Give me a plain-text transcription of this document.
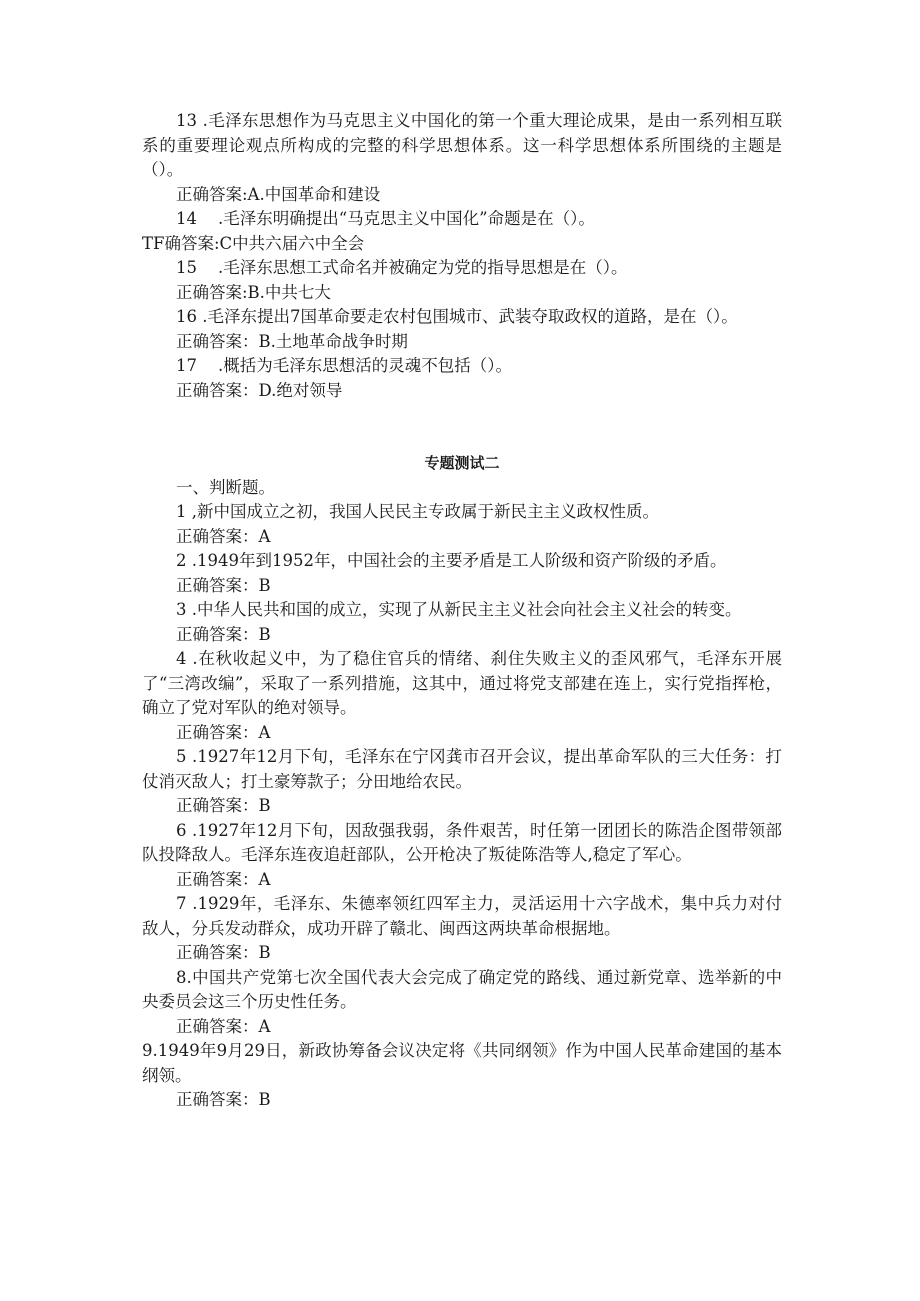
13 .毛泽东思想作为马克思主义中国化的第一个重大理论成果，是由一系列相互联系的重要理论观点所构成的完整的科学思想体系。这一科学思想体系所围绕的主题是（）。

正确答案:A.中国革命和建设

14    .毛泽东明确提出“马克思主义中国化”命题是在（）。

TF确答案:C中共六届六中全会

15    .毛泽东思想工式命名并被确定为党的指导思想是在（）。

正确答案:B.中共七大

16 .毛泽东提出7国革命要走农村包围城市、武装夺取政权的道路，是在（）。

正确答案：B.土地革命战争时期

17    .概括为毛泽东思想活的灵魂不包括（）。

正确答案：D.绝对领导

专题测试二

一、判断题。

1 ,新中国成立之初，我国人民民主专政属于新民主主义政权性质。

正确答案：A

2 .1949年到1952年，中国社会的主要矛盾是工人阶级和资产阶级的矛盾。

正确答案：B

3 .中华人民共和国的成立，实现了从新民主主义社会向社会主义社会的转变。

正确答案：B

4 .在秋收起义中，为了稳住官兵的情绪、刹住失败主义的歪风邪气，毛泽东开展了“三湾改编”，采取了一系列措施，这其中，通过将党支部建在连上，实行党指挥枪，确立了党对军队的绝对领导。

正确答案：A

5 .1927年12月下旬，毛泽东在宁冈龚市召开会议，提出革命军队的三大任务：打仗消灭敌人；打土豪筹款子；分田地给农民。

正确答案：B

6 .1927年12月下旬，因敌强我弱，条件艰苦，时任第一团团长的陈浩企图带领部队投降敌人。毛泽东连夜追赶部队，公开枪决了叛徒陈浩等人,稳定了军心。

正确答案：A

7 .1929年，毛泽东、朱德率领红四军主力，灵活运用十六字战术，集中兵力对付敌人，分兵发动群众，成功开辟了赣北、闽西这两块革命根据地。

正确答案：B

8.中国共产党第七次全国代表大会完成了确定党的路线、通过新党章、选举新的中央委员会这三个历史性任务。

正确答案：A

9.1949年9月29日，新政协筹备会议决定将《共同纲领》作为中国人民革命建国的基本纲领。

正确答案：B
